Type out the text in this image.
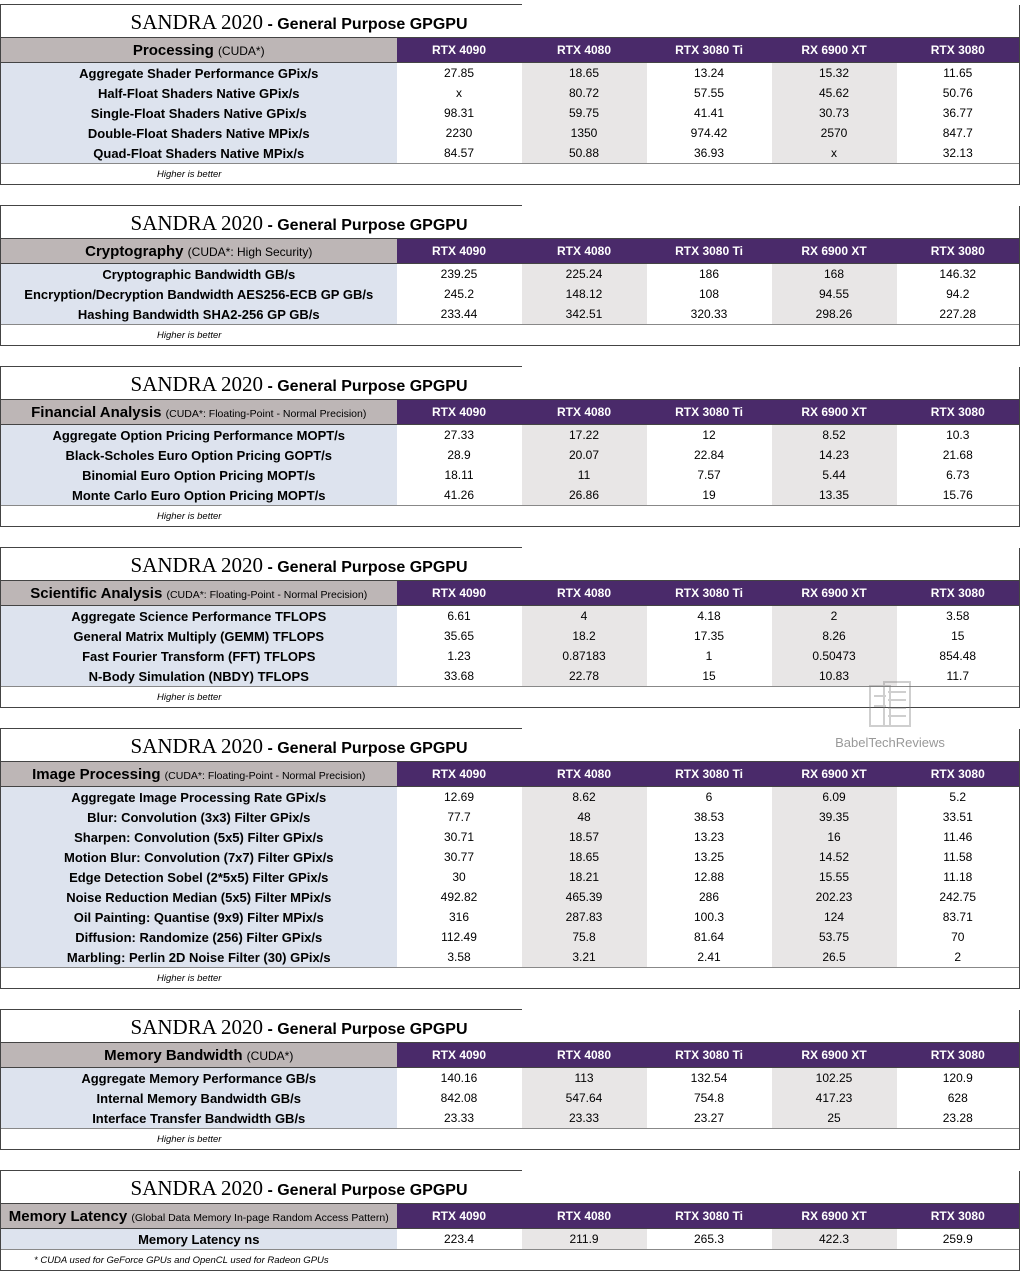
SANDRA 2020 - General Purpose GPGPU					
Processing (CUDA*)	RTX 4090	RTX 4080	RTX 3080 Ti	RX 6900 XT	RTX 3080
Aggregate Shader Performance GPix/s	27.85	18.65	13.24	15.32	11.65
Half-Float Shaders Native GPix/s	x	80.72	57.55	45.62	50.76
Single-Float Shaders Native GPix/s	98.31	59.75	41.41	30.73	36.77
Double-Float Shaders Native MPix/s	2230	1350	974.42	2570	847.7
Quad-Float Shaders Native MPix/s	84.57	50.88	36.93	x	32.13
Higher is better					
SANDRA 2020 - General Purpose GPGPU					
Cryptography (CUDA*: High Security)	RTX 4090	RTX 4080	RTX 3080 Ti	RX 6900 XT	RTX 3080
Cryptographic Bandwidth GB/s	239.25	225.24	186	168	146.32
Encryption/Decryption Bandwidth AES256-ECB GP GB/s	245.2	148.12	108	94.55	94.2
Hashing Bandwidth SHA2-256 GP GB/s	233.44	342.51	320.33	298.26	227.28
Higher is better					
SANDRA 2020 - General Purpose GPGPU					
Financial Analysis (CUDA*: Floating-Point - Normal Precision)	RTX 4090	RTX 4080	RTX 3080 Ti	RX 6900 XT	RTX 3080
Aggregate Option Pricing Performance MOPT/s	27.33	17.22	12	8.52	10.3
Black-Scholes Euro Option Pricing GOPT/s	28.9	20.07	22.84	14.23	21.68
Binomial Euro Option Pricing MOPT/s	18.11	11	7.57	5.44	6.73
Monte Carlo Euro Option Pricing MOPT/s	41.26	26.86	19	13.35	15.76
Higher is better					
SANDRA 2020 - General Purpose GPGPU					
Scientific Analysis (CUDA*: Floating-Point - Normal Precision)	RTX 4090	RTX 4080	RTX 3080 Ti	RX 6900 XT	RTX 3080
Aggregate Science Performance TFLOPS	6.61	4	4.18	2	3.58
General Matrix Multiply (GEMM) TFLOPS	35.65	18.2	17.35	8.26	15
Fast Fourier Transform (FFT) TFLOPS	1.23	0.87183	1	0.50473	854.48
N-Body Simulation (NBDY) TFLOPS	33.68	22.78	15	10.83	11.7
Higher is better					
SANDRA 2020 - General Purpose GPGPU					
Image Processing (CUDA*: Floating-Point - Normal Precision)	RTX 4090	RTX 4080	RTX 3080 Ti	RX 6900 XT	RTX 3080
Aggregate Image Processing Rate GPix/s	12.69	8.62	6	6.09	5.2
Blur: Convolution (3x3) Filter GPix/s	77.7	48	38.53	39.35	33.51
Sharpen: Convolution (5x5) Filter GPix/s	30.71	18.57	13.23	16	11.46
Motion Blur: Convolution (7x7) Filter GPix/s	30.77	18.65	13.25	14.52	11.58
Edge Detection Sobel (2*5x5) Filter GPix/s	30	18.21	12.88	15.55	11.18
Noise Reduction Median (5x5) Filter MPix/s	492.82	465.39	286	202.23	242.75
Oil Painting: Quantise (9x9) Filter MPix/s	316	287.83	100.3	124	83.71
Diffusion: Randomize (256) Filter GPix/s	112.49	75.8	81.64	53.75	70
Marbling: Perlin 2D Noise Filter (30) GPix/s	3.58	3.21	2.41	26.5	2
Higher is better					
SANDRA 2020 - General Purpose GPGPU					
Memory Bandwidth (CUDA*)	RTX 4090	RTX 4080	RTX 3080 Ti	RX 6900 XT	RTX 3080
Aggregate Memory Performance GB/s	140.16	113	132.54	102.25	120.9
Internal Memory Bandwidth GB/s	842.08	547.64	754.8	417.23	628
Interface Transfer Bandwidth GB/s	23.33	23.33	23.27	25	23.28
Higher is better					
SANDRA 2020 - General Purpose GPGPU					
Memory Latency (Global Data Memory In-page Random Access Pattern)	RTX 4090	RTX 4080	RTX 3080 Ti	RX 6900 XT	RTX 3080
Memory Latency ns	223.4	211.9	265.3	422.3	259.9
* CUDA used for GeForce GPUs and OpenCL used for Radeon GPUs					
BabelTechReviews
